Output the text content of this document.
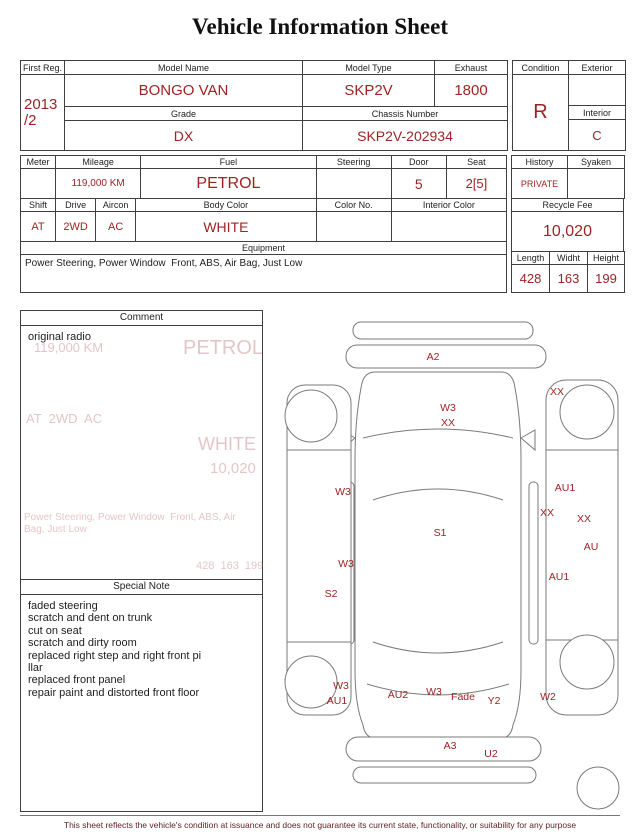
Vehicle Information Sheet
First Reg.	Model Name	Model Type	Exhaust

2013
/2	BONGO VAN	SKP2V	1800
	Grade	Chassis Number	
	DX	SKP2V-202934	
Condition	Exterior
R	
	Interior
	C
Meter	Mileage	Fuel	Steering	Door	Seat
	119,000 KM	PETROL		5	2[5]
Shift	Drive	Aircon	Body Color	Color No.	Interior Color
AT	2WD	AC	WHITE		
Equipment
Power Steering, Power Window  Front, ABS, Air Bag, Just Low
History	Syaken
PRIVATE	
Recycle Fee
10,020
Length	Widht	Height
428	163	199
Comment
original radio
Special Note
faded steering
scratch and dent on trunk
cut on seat
scratch and dirty room
replaced right step and right front pi
llar
replaced front panel
repair paint and distorted front floor
A2
XX
W3
XX
W3	AU1
XX XX
AU
S1
W3
S2
AU1
W3
AU1	AU2 W3 Fade Y2	W2
A3
U2
This sheet reflects the vehicle's condition at issuance and does not guarantee its current state, functionality, or suitability for any purpose
119,000 KM	PETROL
AT  2WD  AC
WHITE
10,020
Power Steering, Power Window  Front, ABS, Air Bag, Just Low
428  163  199
